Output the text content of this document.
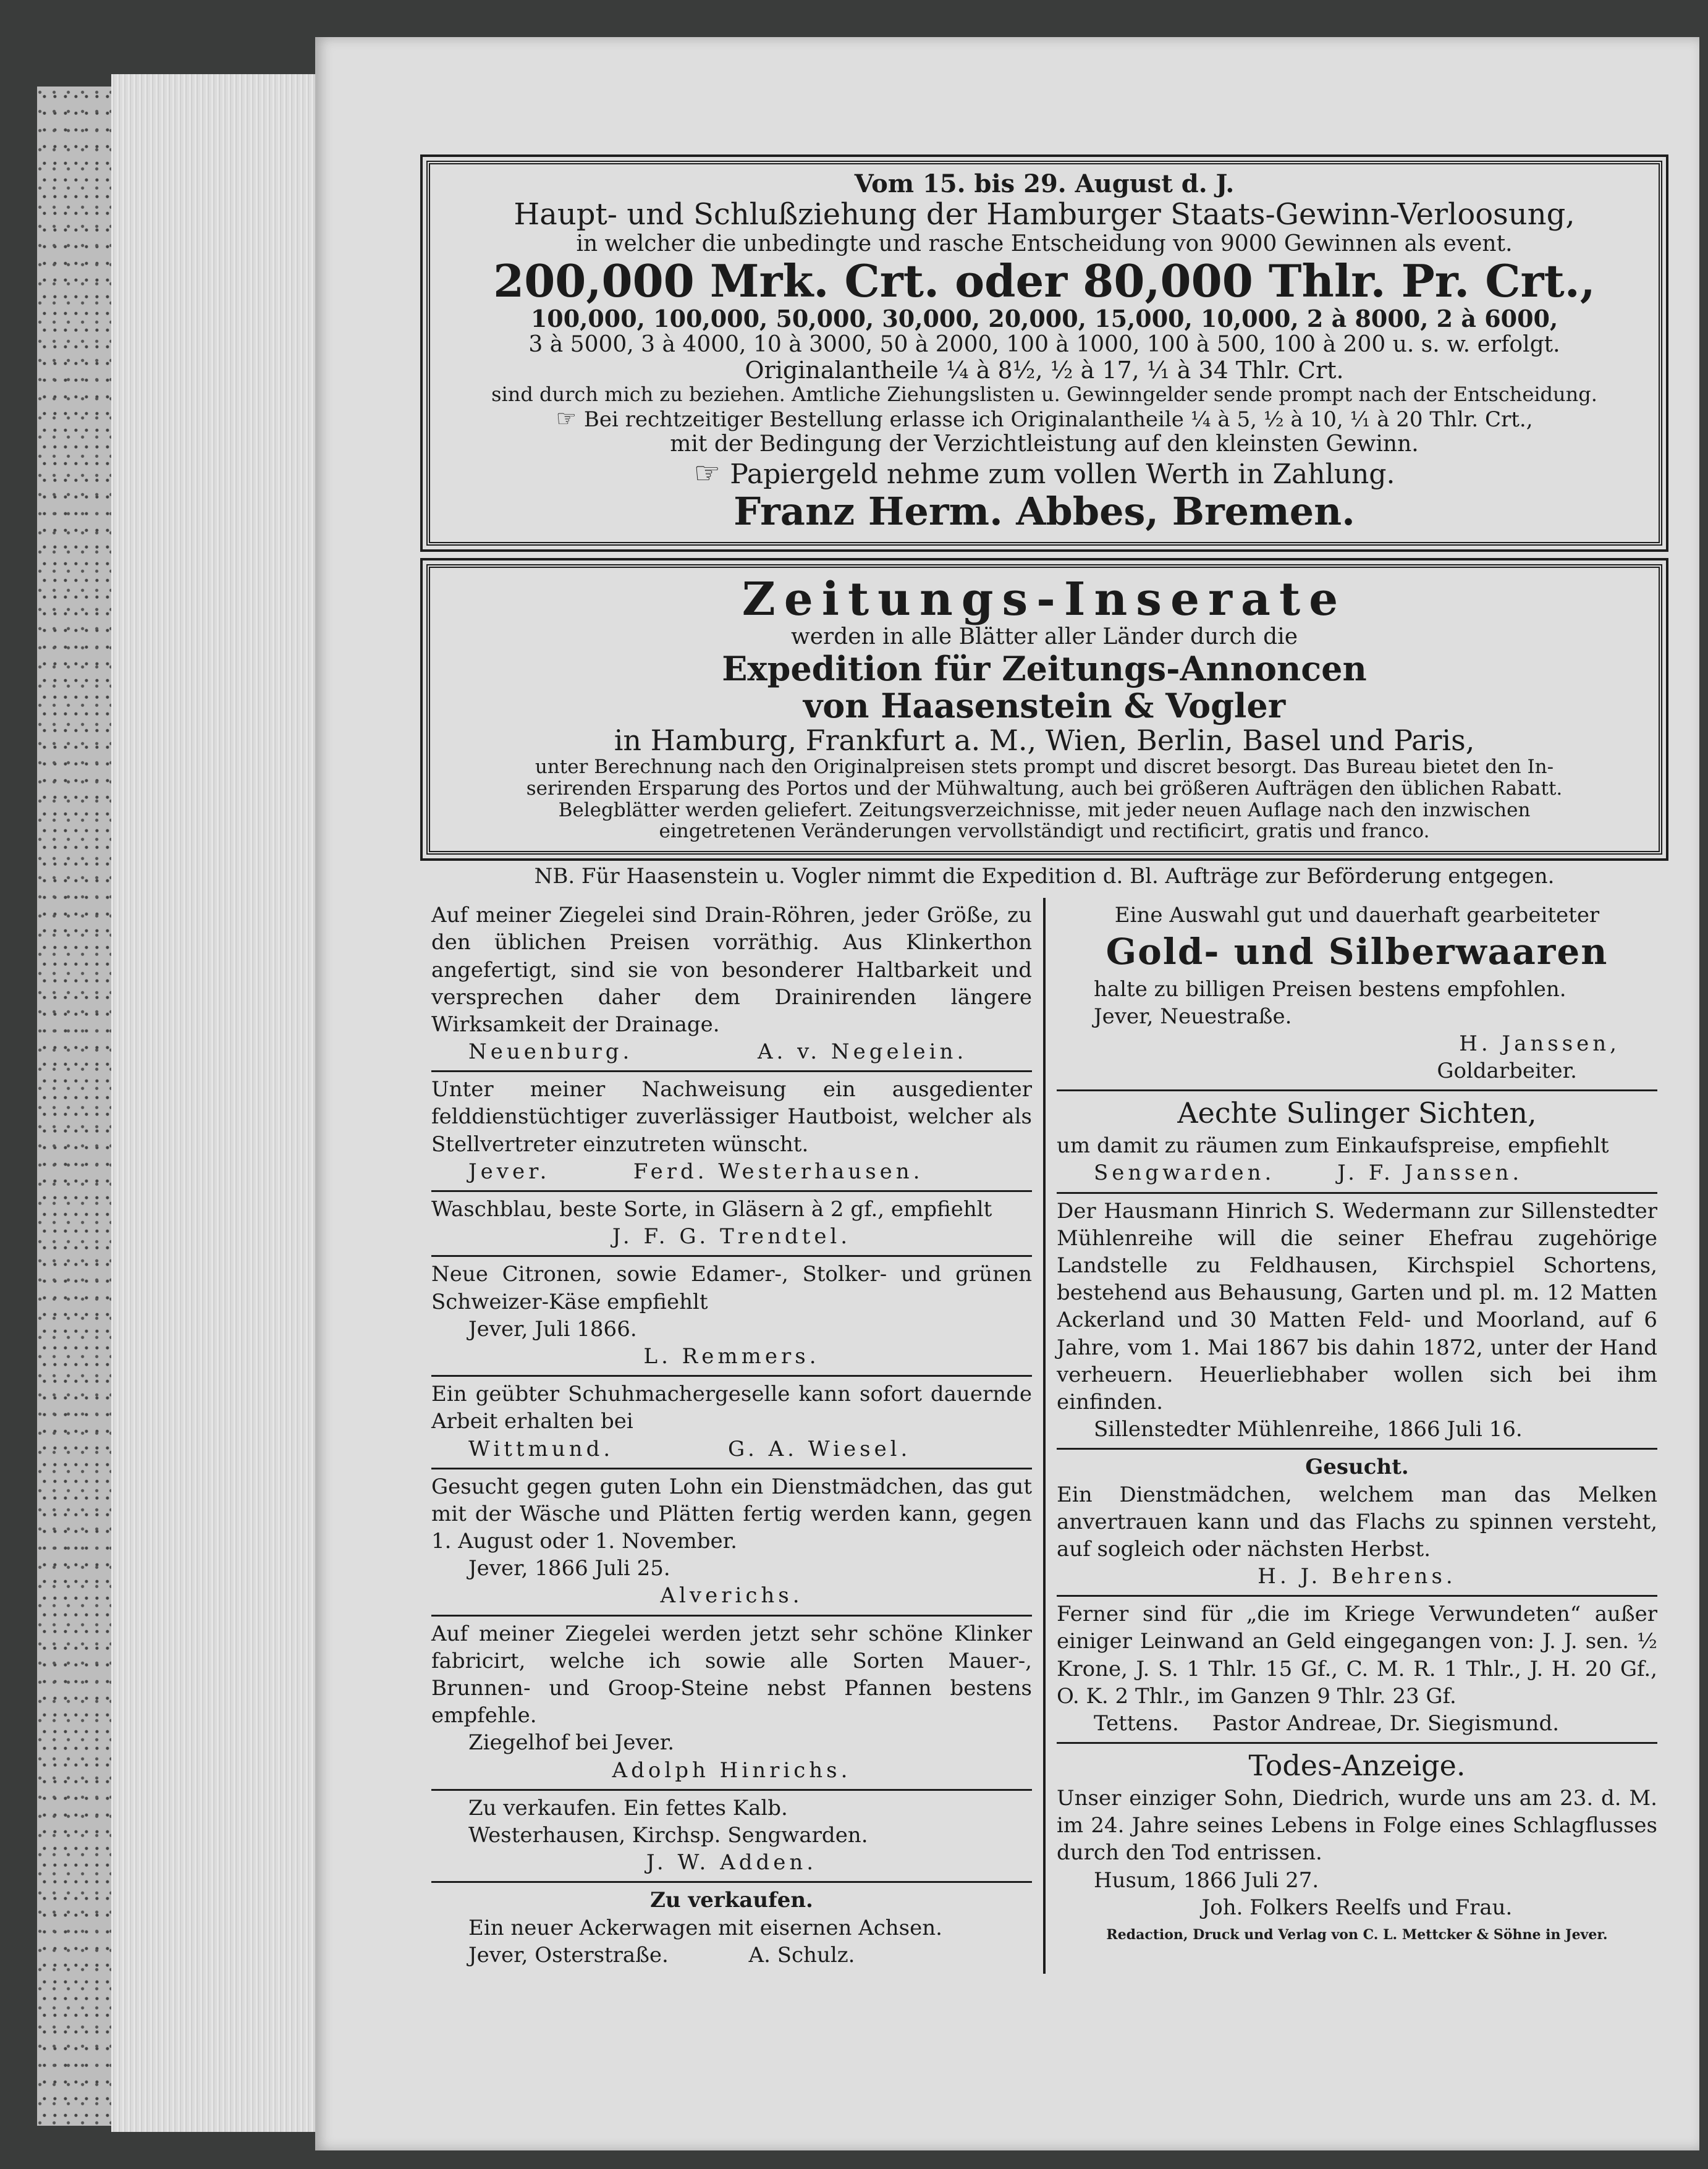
Vom 15. bis 29. August d. J.
Haupt- und Schlußziehung der Hamburger Staats-Gewinn-Verloosung,
in welcher die unbedingte und rasche Entscheidung von 9000 Gewinnen als event.
200,000 Mrk. Crt. oder 80,000 Thlr. Pr. Crt.,
100,000, 100,000, 50,000, 30,000, 20,000, 15,000, 10,000, 2 à 8000, 2 à 6000,
3 à 5000, 3 à 4000, 10 à 3000, 50 à 2000, 100 à 1000, 100 à 500, 100 à 200 u. s. w. erfolgt.
Originalantheile ¼ à 8½, ½ à 17, ⅟₁ à 34 Thlr. Crt.
sind durch mich zu beziehen. Amtliche Ziehungslisten u. Gewinngelder sende prompt nach der Entscheidung.
☞ Bei rechtzeitiger Bestellung erlasse ich Originalantheile ¼ à 5, ½ à 10, ⅟₁ à 20 Thlr. Crt.,
mit der Bedingung der Verzichtleistung auf den kleinsten Gewinn.
☞ Papiergeld nehme zum vollen Werth in Zahlung.
Franz Herm. Abbes, Bremen.
Zeitungs-Inserate
werden in alle Blätter aller Länder durch die
Expedition für Zeitungs-Annoncen
von Haasenstein & Vogler
in Hamburg, Frankfurt a. M., Wien, Berlin, Basel und Paris,
unter Berechnung nach den Originalpreisen stets prompt und discret besorgt. Das Bureau bietet den In-
serirenden Ersparung des Portos und der Mühwaltung, auch bei größeren Aufträgen den üblichen Rabatt.
Belegblätter werden geliefert. Zeitungsverzeichnisse, mit jeder neuen Auflage nach den inzwischen
eingetretenen Veränderungen vervollständigt und rectificirt, gratis und franco.
NB. Für Haasenstein u. Vogler nimmt die Expedition d. Bl. Aufträge zur Beförderung entgegen.
Auf meiner Ziegelei sind Drain-Röhren, jeder Größe, zu den üblichen Preisen vorräthig. Aus Klinkerthon angefertigt, sind sie von besonderer Haltbarkeit und versprechen daher dem Drainirenden längere Wirksamkeit der Drainage.
Neuenburg.            A. v. Negelein.
Unter meiner Nachweisung ein ausgedienter felddienstüchtiger zuverlässiger Hautboist, welcher als Stellvertreter einzutreten wünscht.
Jever.        Ferd. Westerhausen.
Waschblau, beste Sorte, in Gläsern à 2 gf., empfiehlt
J. F. G. Trendtel.
Neue Citronen, sowie Edamer-, Stolker- und grünen Schweizer-Käse empfiehlt
Jever, Juli 1866.
L. Remmers.
Ein geübter Schuhmachergeselle kann sofort dauernde Arbeit erhalten bei
Wittmund.           G. A. Wiesel.
Gesucht gegen guten Lohn ein Dienstmädchen, das gut mit der Wäsche und Plätten fertig werden kann, gegen 1. August oder 1. November.
Jever, 1866 Juli 25.
Alverichs.
Auf meiner Ziegelei werden jetzt sehr schöne Klinker fabricirt, welche ich sowie alle Sorten Mauer-, Brunnen- und Groop-Steine nebst Pfannen bestens empfehle.
Ziegelhof bei Jever.
Adolph Hinrichs.
Zu verkaufen. Ein fettes Kalb.
Westerhausen, Kirchsp. Sengwarden.
J. W. Adden.
Zu verkaufen.
Ein neuer Ackerwagen mit eisernen Achsen.
Jever, Osterstraße.            A. Schulz.
Eine Auswahl gut und dauerhaft gearbeiteter
Gold- und Silberwaaren
halte zu billigen Preisen bestens empfohlen.
Jever, Neuestraße.
H. Janssen,
Goldarbeiter.
Aechte Sulinger Sichten,
um damit zu räumen zum Einkaufspreise, empfiehlt
Sengwarden.      J. F. Janssen.
Der Hausmann Hinrich S. Wedermann zur Sillenstedter Mühlenreihe will die seiner Ehefrau zugehörige Landstelle zu Feldhausen, Kirchspiel Schortens, bestehend aus Behausung, Garten und pl. m. 12 Matten Ackerland und 30 Matten Feld- und Moorland, auf 6 Jahre, vom 1. Mai 1867 bis dahin 1872, unter der Hand verheuern. Heuerliebhaber wollen sich bei ihm einfinden.
Sillenstedter Mühlenreihe, 1866 Juli 16.
Gesucht.
Ein Dienstmädchen, welchem man das Melken anvertrauen kann und das Flachs zu spinnen versteht, auf sogleich oder nächsten Herbst.
H. J. Behrens.
Ferner sind für „die im Kriege Verwundeten“ außer einiger Leinwand an Geld eingegangen von: J. J. sen. ½ Krone, J. S. 1 Thlr. 15 Gf., C. M. R. 1 Thlr., J. H. 20 Gf., O. K. 2 Thlr., im Ganzen 9 Thlr. 23 Gf.
Tettens.     Pastor Andreae, Dr. Siegismund.
Todes-Anzeige.
Unser einziger Sohn, Diedrich, wurde uns am 23. d. M. im 24. Jahre seines Lebens in Folge eines Schlagflusses durch den Tod entrissen.
Husum, 1866 Juli 27.
Joh. Folkers Reelfs und Frau.
Redaction, Druck und Verlag von C. L. Mettcker & Söhne in Jever.
